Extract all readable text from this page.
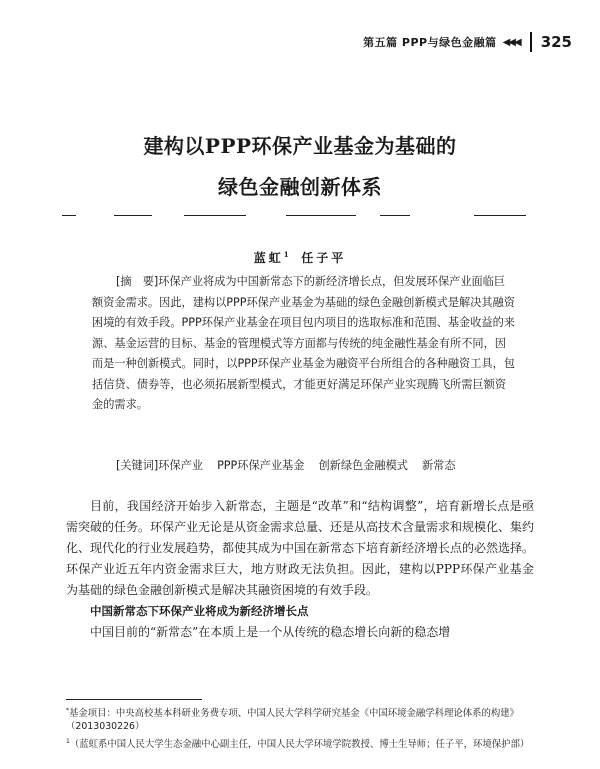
第五篇 PPP与绿色金融篇 ◀◀◀ 325
建构以PPP环保产业基金为基础的
绿色金融创新体系
蓝虹$^1$ 任子平
[摘　要]环保产业将成为中国新常态下的新经济增长点，但发展环保产业面临巨额资金需求。因此，建构以PPP环保产业基金为基础的绿色金融创新模式是解决其融资困境的有效手段。PPP环保产业基金在项目包内项目的选取标准和范围、基金收益的来源、基金运营的目标、基金的管理模式等方面都与传统的纯金融性基金有所不同，因而是一种创新模式。同时，以PPP环保产业基金为融资平台所组合的各种融资工具，包括信贷、债券等，也必须拓展新型模式，才能更好满足环保产业实现腾飞所需巨额资金的需求。
[关键词]环保产业 PPP环保产业基金 创新绿色金融模式 新常态

目前，我国经济开始步入新常态，主题是“改革”和“结构调整”，培育新增长点是亟需突破的任务。环保产业无论是从资金需求总量、还是从高技术含量需求和规模化、集约化、现代化的行业发展趋势，都使其成为中国在新常态下培育新经济增长点的必然选择。环保产业近五年内资金需求巨大，地方财政无法负担。因此，建构以PPP环保产业基金为基础的绿色金融创新模式是解决其融资困境的有效手段。

中国新常态下环保产业将成为新经济增长点

中国目前的“新常态”在本质上是一个从传统的稳态增长向新的稳态增

*基金项目：中央高校基本科研业务费专项、中国人民大学科学研究基金《中国环境金融学科理论体系的构建》（2013030226）

$^1$（蓝虹系中国人民大学生态金融中心副主任，中国人民大学环境学院教授、博士生导师；任子平，环境保护部）
